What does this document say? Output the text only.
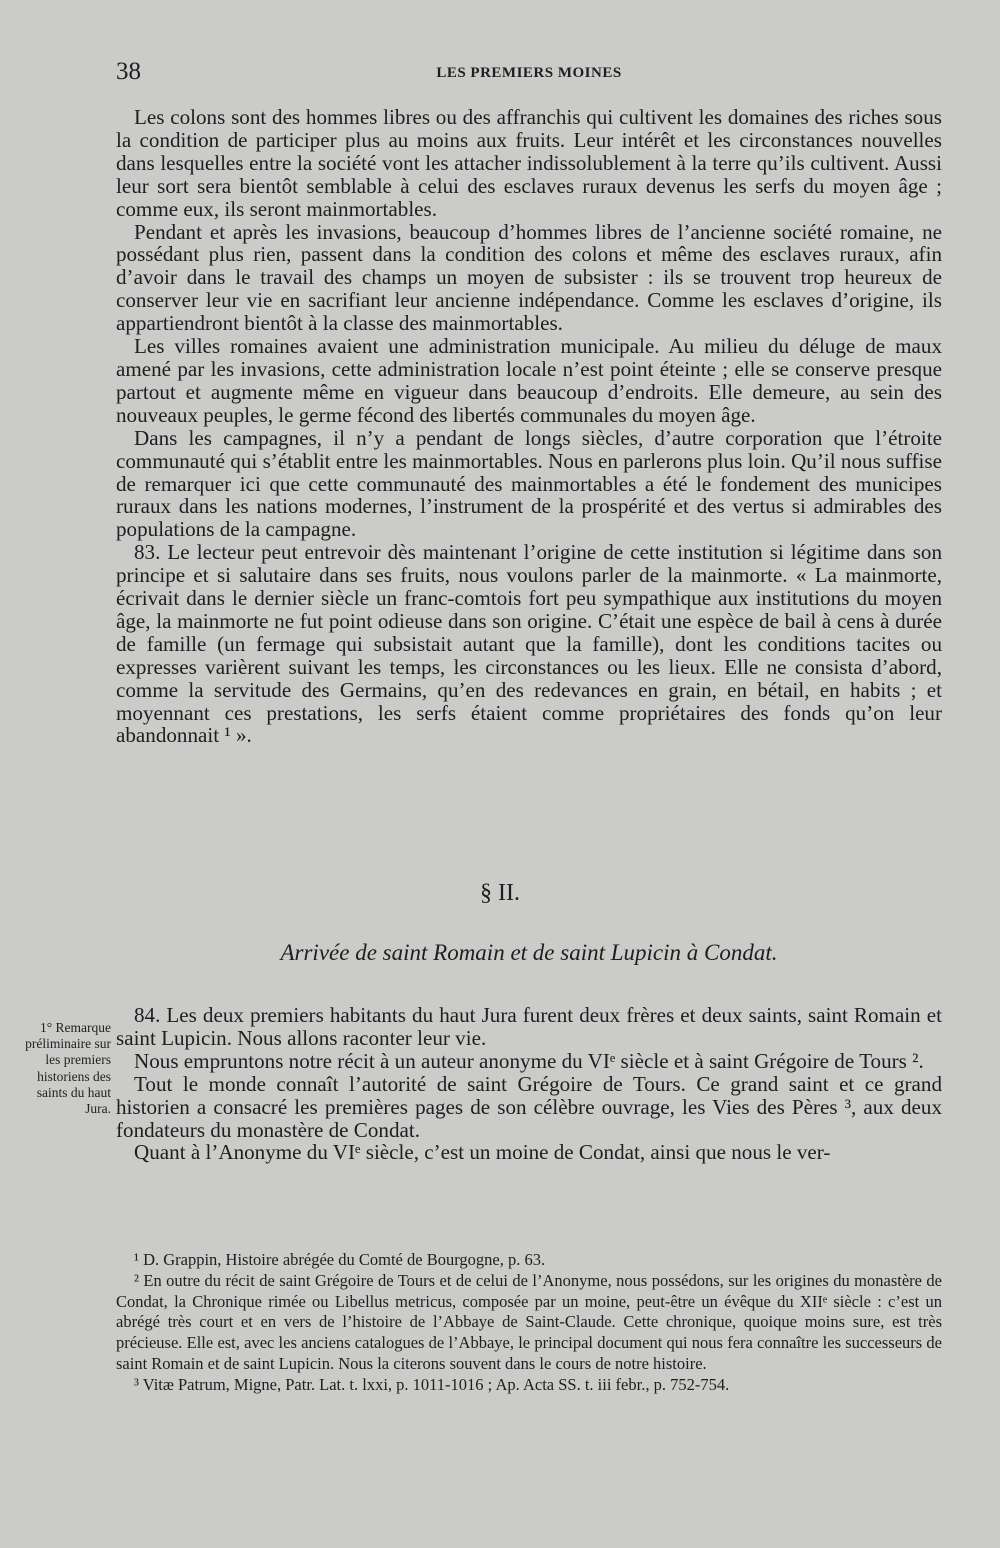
38	LES PREMIERS MOINES

Les colons sont des hommes libres ou des affranchis qui cultivent les domaines des riches sous la condition de participer plus au moins aux fruits. Leur intérêt et les circonstances nouvelles dans lesquelles entre la société vont les attacher indissolublement à la terre qu’ils cultivent. Aussi leur sort sera bientôt semblable à celui des esclaves ruraux devenus les serfs du moyen âge ; comme eux, ils seront mainmortables.

Pendant et après les invasions, beaucoup d’hommes libres de l’ancienne société romaine, ne possédant plus rien, passent dans la condition des colons et même des esclaves ruraux, afin d’avoir dans le travail des champs un moyen de subsister : ils se trouvent trop heureux de conserver leur vie en sacrifiant leur ancienne indépendance. Comme les esclaves d’origine, ils appartiendront bientôt à la classe des mainmortables.

Les villes romaines avaient une administration municipale. Au milieu du déluge de maux amené par les invasions, cette administration locale n’est point éteinte ; elle se conserve presque partout et augmente même en vigueur dans beaucoup d’endroits. Elle demeure, au sein des nouveaux peuples, le germe fécond des libertés communales du moyen âge.

Dans les campagnes, il n’y a pendant de longs siècles, d’autre corporation que l’étroite communauté qui s’établit entre les mainmortables. Nous en parlerons plus loin. Qu’il nous suffise de remarquer ici que cette communauté des mainmortables a été le fondement des municipes ruraux dans les nations modernes, l’instrument de la prospérité et des vertus si admirables des populations de la campagne.

83. Le lecteur peut entrevoir dès maintenant l’origine de cette institution si légitime dans son principe et si salutaire dans ses fruits, nous voulons parler de la mainmorte. « La mainmorte, écrivait dans le dernier siècle un franc-comtois fort peu sympathique aux institutions du moyen âge, la mainmorte ne fut point odieuse dans son origine. C’était une espèce de bail à cens à durée de famille (un fermage qui subsistait autant que la famille), dont les conditions tacites ou expresses varièrent suivant les temps, les circonstances ou les lieux. Elle ne consista d’abord, comme la servitude des Germains, qu’en des redevances en grain, en bétail, en habits ; et moyennant ces prestations, les serfs étaient comme propriétaires des fonds qu’on leur abandonnait ¹ ».

§ II.
Arrivée de saint Romain et de saint Lupicin à Condat.
1° Remarque préliminaire sur les premiers historiens des saints du haut Jura.

84. Les deux premiers habitants du haut Jura furent deux frères et deux saints, saint Romain et saint Lupicin. Nous allons raconter leur vie.

Nous empruntons notre récit à un auteur anonyme du VIᵉ siècle et à saint Grégoire de Tours ².

Tout le monde connaît l’autorité de saint Grégoire de Tours. Ce grand saint et ce grand historien a consacré les premières pages de son célèbre ouvrage, les Vies des Pères ³, aux deux fondateurs du monastère de Condat.

Quant à l’Anonyme du VIᵉ siècle, c’est un moine de Condat, ainsi que nous le ver-

¹ D. Grappin, Histoire abrégée du Comté de Bourgogne, p. 63.

² En outre du récit de saint Grégoire de Tours et de celui de l’Anonyme, nous possédons, sur les origines du monastère de Condat, la Chronique rimée ou Libellus metricus, composée par un moine, peut-être un évêque du XIIᵉ siècle : c’est un abrégé très court et en vers de l’histoire de l’Abbaye de Saint-Claude. Cette chronique, quoique moins sure, est très précieuse. Elle est, avec les anciens catalogues de l’Abbaye, le principal document qui nous fera connaître les successeurs de saint Romain et de saint Lupicin. Nous la citerons souvent dans le cours de notre histoire.

³ Vitæ Patrum, Migne, Patr. Lat. t. lxxi, p. 1011-1016 ; Ap. Acta SS. t. iii febr., p. 752-754.
